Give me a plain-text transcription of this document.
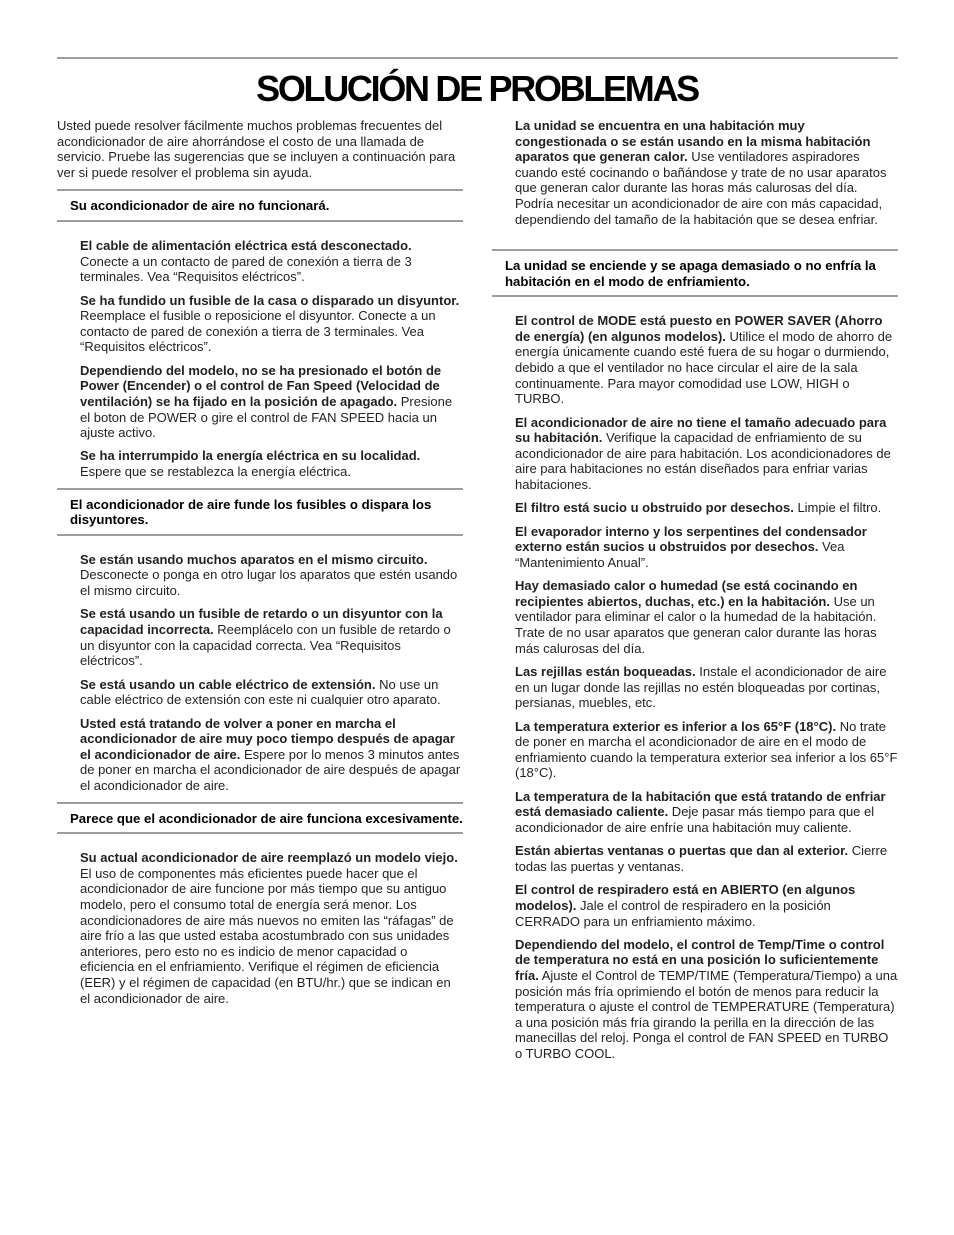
SOLUCIÓN DE PROBLEMAS

Usted puede resolver fácilmente muchos problemas frecuentes del acondicionador de aire ahorrándose el costo de una llamada de servicio. Pruebe las sugerencias que se incluyen a continuación para ver si puede resolver el problema sin ayuda.

Su acondicionador de aire no funcionará.

El cable de alimentación eléctrica está desconectado. Conecte a un contacto de pared de conexión a tierra de 3 terminales. Vea “Requisitos eléctricos”.

Se ha fundido un fusible de la casa o disparado un disyuntor. Reemplace el fusible o reposicione el disyuntor. Conecte a un contacto de pared de conexión a tierra de 3 terminales. Vea “Requisitos eléctricos”.

Dependiendo del modelo, no se ha presionado el botón de Power (Encender) o el control de Fan Speed (Velocidad de ventilación) se ha fijado en la posición de apagado. Presione el boton de POWER o gire el control de FAN SPEED hacia un ajuste activo.

Se ha interrumpido la energía eléctrica en su localidad. Espere que se restablezca la energía eléctrica.

El acondicionador de aire funde los fusibles o dispara los disyuntores.

Se están usando muchos aparatos en el mismo circuito. Desconecte o ponga en otro lugar los aparatos que estén usando el mismo circuito.

Se está usando un fusible de retardo o un disyuntor con la capacidad incorrecta. Reemplácelo con un fusible de retardo o un disyuntor con la capacidad correcta. Vea “Requisitos eléctricos”.

Se está usando un cable eléctrico de extensión. No use un cable eléctrico de extensión con este ni cualquier otro aparato.

Usted está tratando de volver a poner en marcha el acondicionador de aire muy poco tiempo después de apagar el acondicionador de aire. Espere por lo menos 3 minutos antes de poner en marcha el acondicionador de aire después de apagar el acondicionador de aire.

Parece que el acondicionador de aire funciona excesivamente.

Su actual acondicionador de aire reemplazó un modelo viejo. El uso de componentes más eficientes puede hacer que el acondicionador de aire funcione por más tiempo que su antiguo modelo, pero el consumo total de energía será menor. Los acondicionadores de aire más nuevos no emiten las “ráfagas” de aire frío a las que usted estaba acostumbrado con sus unidades anteriores, pero esto no es indicio de menor capacidad o eficiencia en el enfriamiento. Verifique el régimen de eficiencia (EER) y el régimen de capacidad (en BTU/hr.) que se indican en el acondicionador de aire.

La unidad se encuentra en una habitación muy congestionada o se están usando en la misma habitación aparatos que generan calor. Use ventiladores aspiradores cuando esté cocinando o bañándose y trate de no usar aparatos que generan calor durante las horas más calurosas del día. Podría necesitar un acondicionador de aire con más capacidad, dependiendo del tamaño de la habitación que se desea enfriar.

La unidad se enciende y se apaga demasiado o no enfría la habitación en el modo de enfriamiento.

El control de MODE está puesto en POWER SAVER (Ahorro de energía) (en algunos modelos). Utilice el modo de ahorro de energía únicamente cuando esté fuera de su hogar o durmiendo, debido a que el ventilador no hace circular el aire de la sala continuamente. Para mayor comodidad use LOW, HIGH o TURBO.

El acondicionador de aire no tiene el tamaño adecuado para su habitación. Verifique la capacidad de enfriamiento de su acondicionador de aire para habitación. Los acondicionadores de aire para habitaciones no están diseñados para enfriar varias habitaciones.

El filtro está sucio u obstruido por desechos. Limpie el filtro.

El evaporador interno y los serpentines del condensador externo están sucios u obstruidos por desechos. Vea “Mantenimiento Anual”.

Hay demasiado calor o humedad (se está cocinando en recipientes abiertos, duchas, etc.) en la habitación. Use un ventilador para eliminar el calor o la humedad de la habitación. Trate de no usar aparatos que generan calor durante las horas más calurosas del día.

Las rejillas están boqueadas. Instale el acondicionador de aire en un lugar donde las rejillas no estén bloqueadas por cortinas, persianas, muebles, etc.

La temperatura exterior es inferior a los 65°F (18°C). No trate de poner en marcha el acondicionador de aire en el modo de enfriamiento cuando la temperatura exterior sea inferior a los 65°F (18°C).

La temperatura de la habitación que está tratando de enfriar está demasiado caliente. Deje pasar más tiempo para que el acondicionador de aire enfríe una habitación muy caliente.

Están abiertas ventanas o puertas que dan al exterior. Cierre todas las puertas y ventanas.

El control de respiradero está en ABIERTO (en algunos modelos). Jale el control de respiradero en la posición CERRADO para un enfriamiento máximo.

Dependiendo del modelo, el control de Temp/Time o control de temperatura no está en una posición lo suficientemente fría. Ajuste el Control de TEMP/TIME (Temperatura/Tiempo) a una posición más fría oprimiendo el botón de menos para reducir la temperatura o ajuste el control de TEMPERATURE (Temperatura) a una posición más fría girando la perilla en la dirección de las manecillas del reloj. Ponga el control de FAN SPEED en TURBO o TURBO COOL.
